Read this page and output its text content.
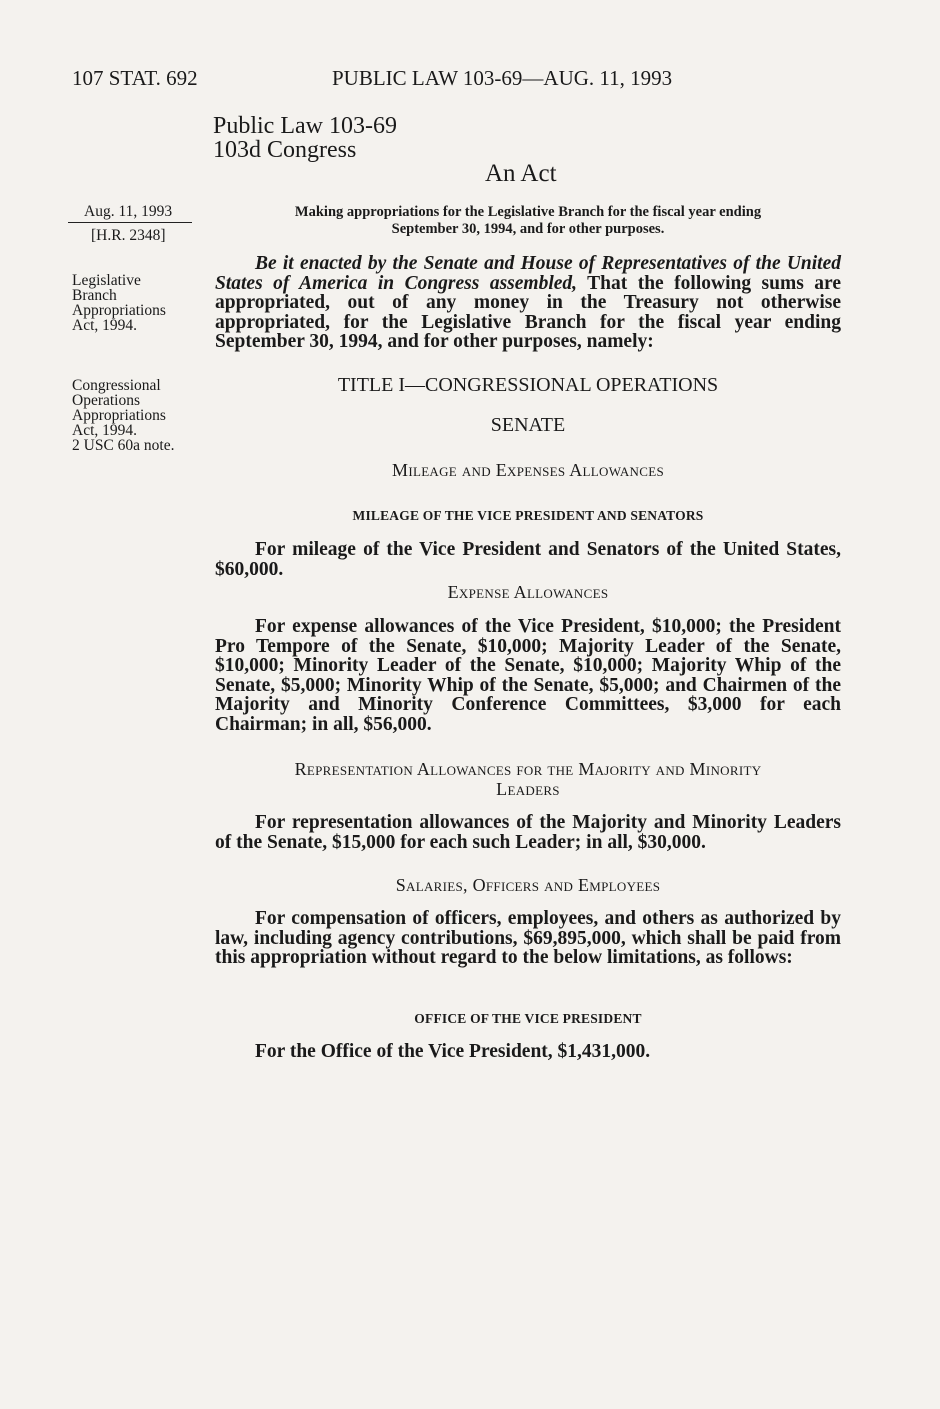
107 STAT. 692	PUBLIC LAW 103-69—AUG. 11, 1993
Public Law 103-69
103d Congress
An Act
Aug. 11, 1993
[H.R. 2348]
Legislative
Branch
Appropriations
Act, 1994.
Congressional
Operations
Appropriations
Act, 1994.
2 USC 60a note.
Making appropriations for the Legislative Branch for the fiscal year ending
September 30, 1994, and for other purposes.
Be it enacted by the Senate and House of Representatives of the United States of America in Congress assembled, That the following sums are appropriated, out of any money in the Treasury not otherwise appropriated, for the Legislative Branch for the fiscal year ending September 30, 1994, and for other purposes, namely:
TITLE I—CONGRESSIONAL OPERATIONS
SENATE
Mileage and Expenses Allowances
MILEAGE OF THE VICE PRESIDENT AND SENATORS
For mileage of the Vice President and Senators of the United States, $60,000.
Expense Allowances
For expense allowances of the Vice President, $10,000; the President Pro Tempore of the Senate, $10,000; Majority Leader of the Senate, $10,000; Minority Leader of the Senate, $10,000; Majority Whip of the Senate, $5,000; Minority Whip of the Senate, $5,000; and Chairmen of the Majority and Minority Conference Committees, $3,000 for each Chairman; in all, $56,000.
Representation Allowances for the Majority and Minority
Leaders
For representation allowances of the Majority and Minority Leaders of the Senate, $15,000 for each such Leader; in all, $30,000.
Salaries, Officers and Employees
For compensation of officers, employees, and others as authorized by law, including agency contributions, $69,895,000, which shall be paid from this appropriation without regard to the below limitations, as follows:
OFFICE OF THE VICE PRESIDENT
For the Office of the Vice President, $1,431,000.
